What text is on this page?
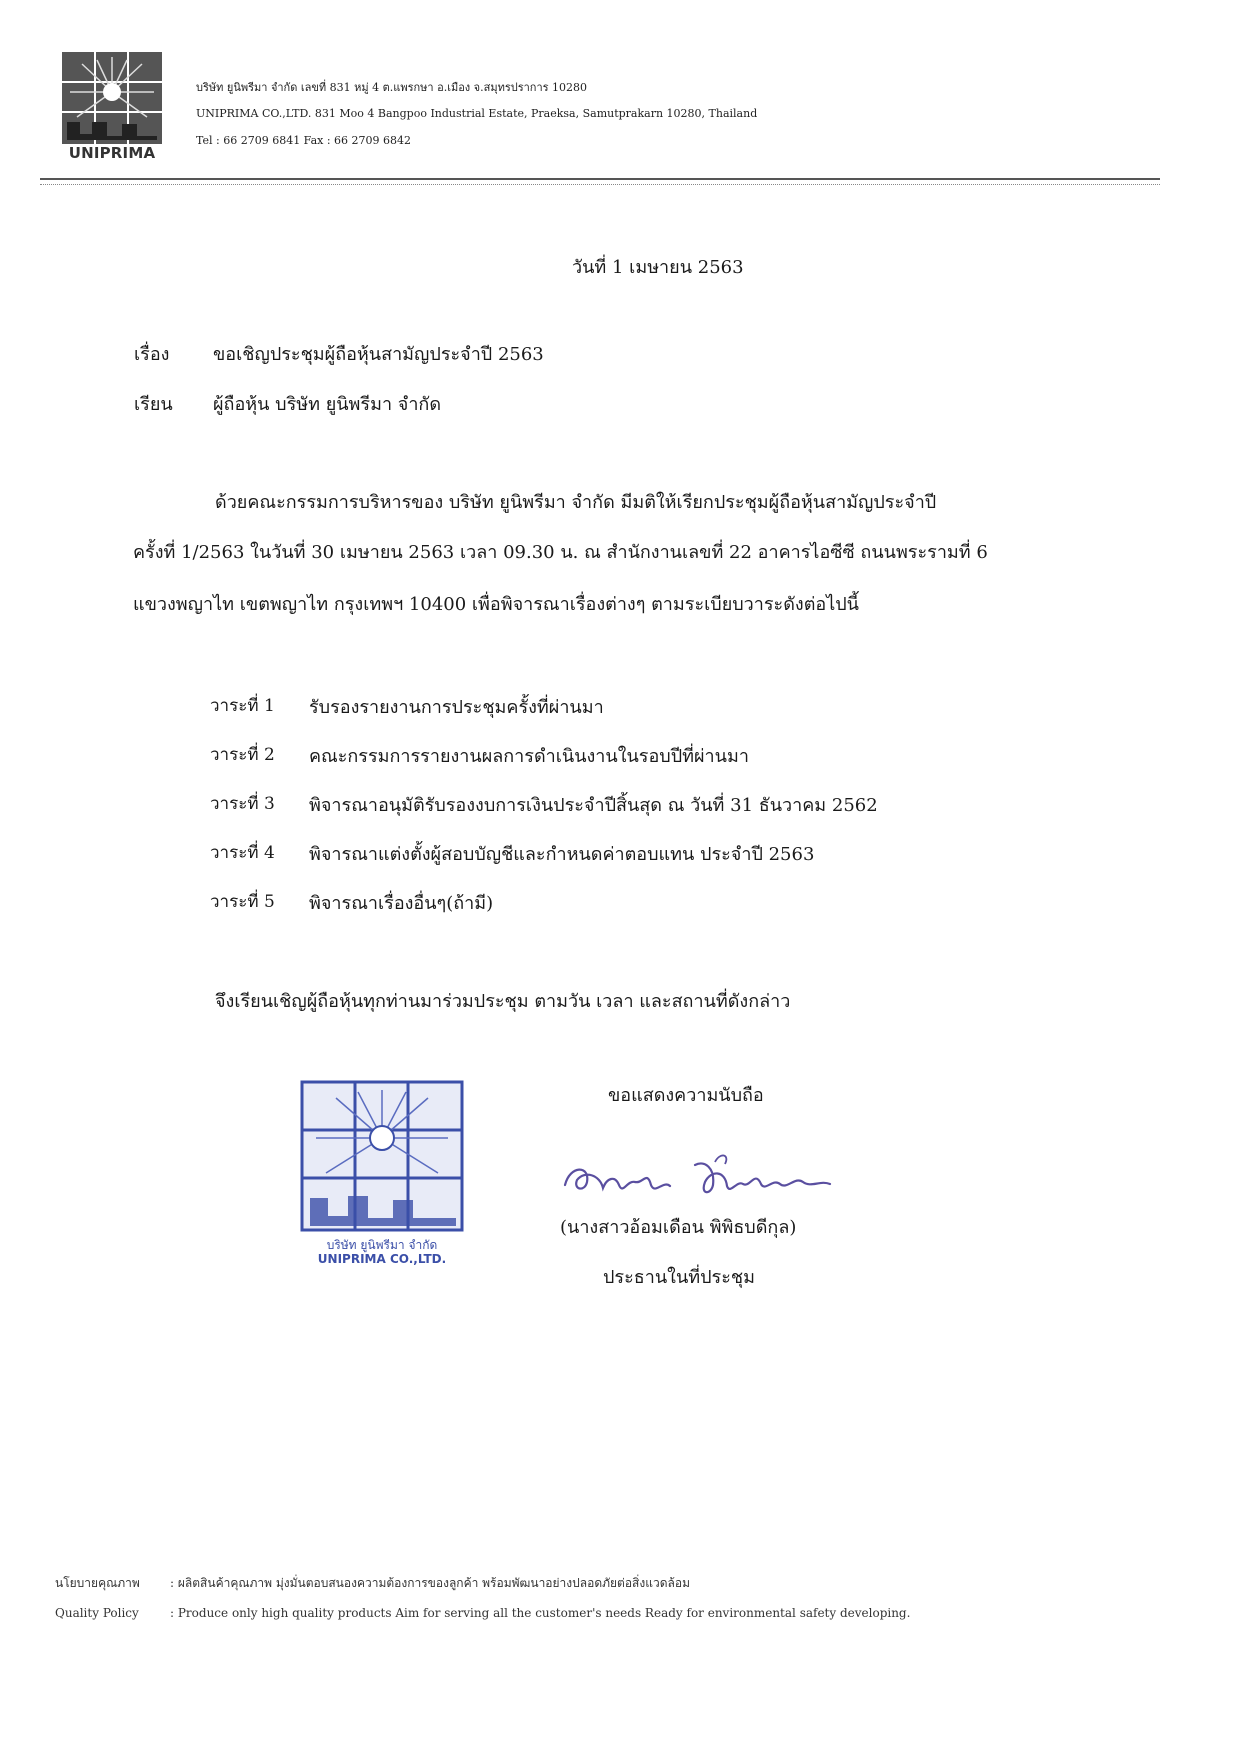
UNIPRIMA
บริษัท ยูนิพรีมา จำกัด เลขที่ 831 หมู่ 4 ต.แพรกษา อ.เมือง จ.สมุทรปราการ 10280
UNIPRIMA CO.,LTD. 831 Moo 4 Bangpoo Industrial Estate, Praeksa, Samutprakarn 10280, Thailand
Tel : 66 2709 6841 Fax : 66 2709 6842
วันที่ 1 เมษายน 2563
เรื่อง ขอเชิญประชุมผู้ถือหุ้นสามัญประจำปี 2563
เรียน ผู้ถือหุ้น บริษัท ยูนิพรีมา จำกัด
ด้วยคณะกรรมการบริหารของ บริษัท ยูนิพรีมา จำกัด มีมติให้เรียกประชุมผู้ถือหุ้นสามัญประจำปี
ครั้งที่ 1/2563 ในวันที่ 30 เมษายน 2563 เวลา 09.30 น. ณ สำนักงานเลขที่ 22 อาคารไอซีซี ถนนพระรามที่ 6
แขวงพญาไท เขตพญาไท กรุงเทพฯ 10400 เพื่อพิจารณาเรื่องต่างๆ ตามระเบียบวาระดังต่อไปนี้
วาระที่ 1 รับรองรายงานการประชุมครั้งที่ผ่านมา
วาระที่ 2 คณะกรรมการรายงานผลการดำเนินงานในรอบปีที่ผ่านมา
วาระที่ 3 พิจารณาอนุมัติรับรองงบการเงินประจำปีสิ้นสุด ณ วันที่ 31 ธันวาคม 2562
วาระที่ 4 พิจารณาแต่งตั้งผู้สอบบัญชีและกำหนดค่าตอบแทน ประจำปี 2563
วาระที่ 5 พิจารณาเรื่องอื่นๆ(ถ้ามี)
จึงเรียนเชิญผู้ถือหุ้นทุกท่านมาร่วมประชุม ตามวัน เวลา และสถานที่ดังกล่าว
บริษัท ยูนิพรีมา จำกัด
UNIPRIMA CO.,LTD.
ขอแสดงความนับถือ
(นางสาวอ้อมเดือน พิพิธบดีกุล)
ประธานในที่ประชุม
นโยบายคุณภาพ	: ผลิตสินค้าคุณภาพ มุ่งมั่นตอบสนองความต้องการของลูกค้า พร้อมพัฒนาอย่างปลอดภัยต่อสิ่งแวดล้อม
Quality Policy	: Produce only high quality products Aim for serving all the customer's needs Ready for environmental safety developing.
